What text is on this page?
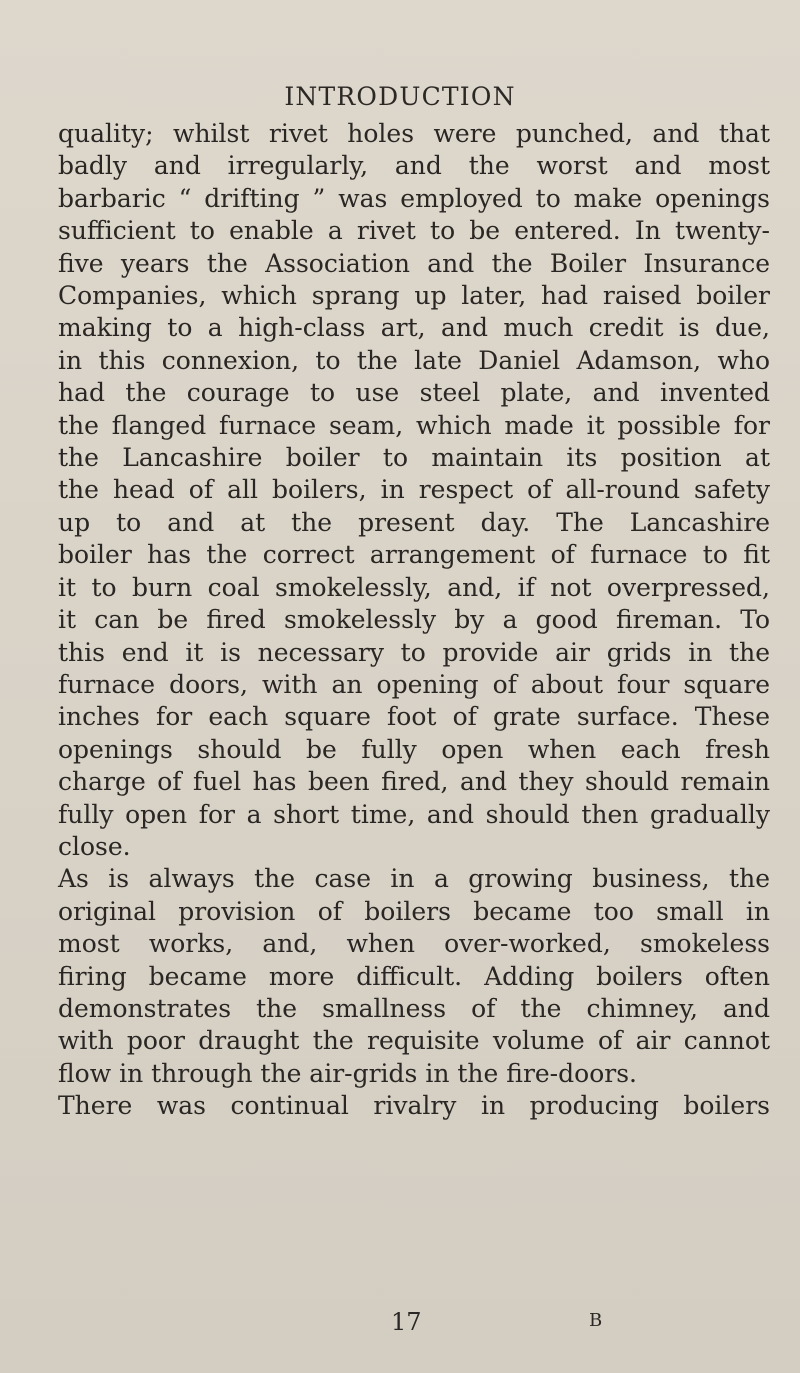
INTRODUCTION
quality; whilst rivet holes were punched, and that
badly and irregularly, and the worst and most
barbaric “ drifting ” was employed to make openings
sufficient to enable a rivet to be entered. In twenty-
five years the Association and the Boiler Insurance
Companies, which sprang up later, had raised boiler
making to a high-class art, and much credit is due,
in this connexion, to the late Daniel Adamson, who
had the courage to use steel plate, and invented
the flanged furnace seam, which made it possible for
the Lancashire boiler to maintain its position at
the head of all boilers, in respect of all-round safety
up to and at the present day. The Lancashire
boiler has the correct arrangement of furnace to fit
it to burn coal smokelessly, and, if not overpressed,
it can be fired smokelessly by a good fireman. To
this end it is necessary to provide air grids in the
furnace doors, with an opening of about four square
inches for each square foot of grate surface. These
openings should be fully open when each fresh
charge of fuel has been fired, and they should remain
fully open for a short time, and should then gradually
close.
As is always the case in a growing business, the
original provision of boilers became too small in
most works, and, when over-worked, smokeless
firing became more difficult. Adding boilers often
demonstrates the smallness of the chimney, and
with poor draught the requisite volume of air cannot
flow in through the air-grids in the fire-doors.
There was continual rivalry in producing boilers
17	B
